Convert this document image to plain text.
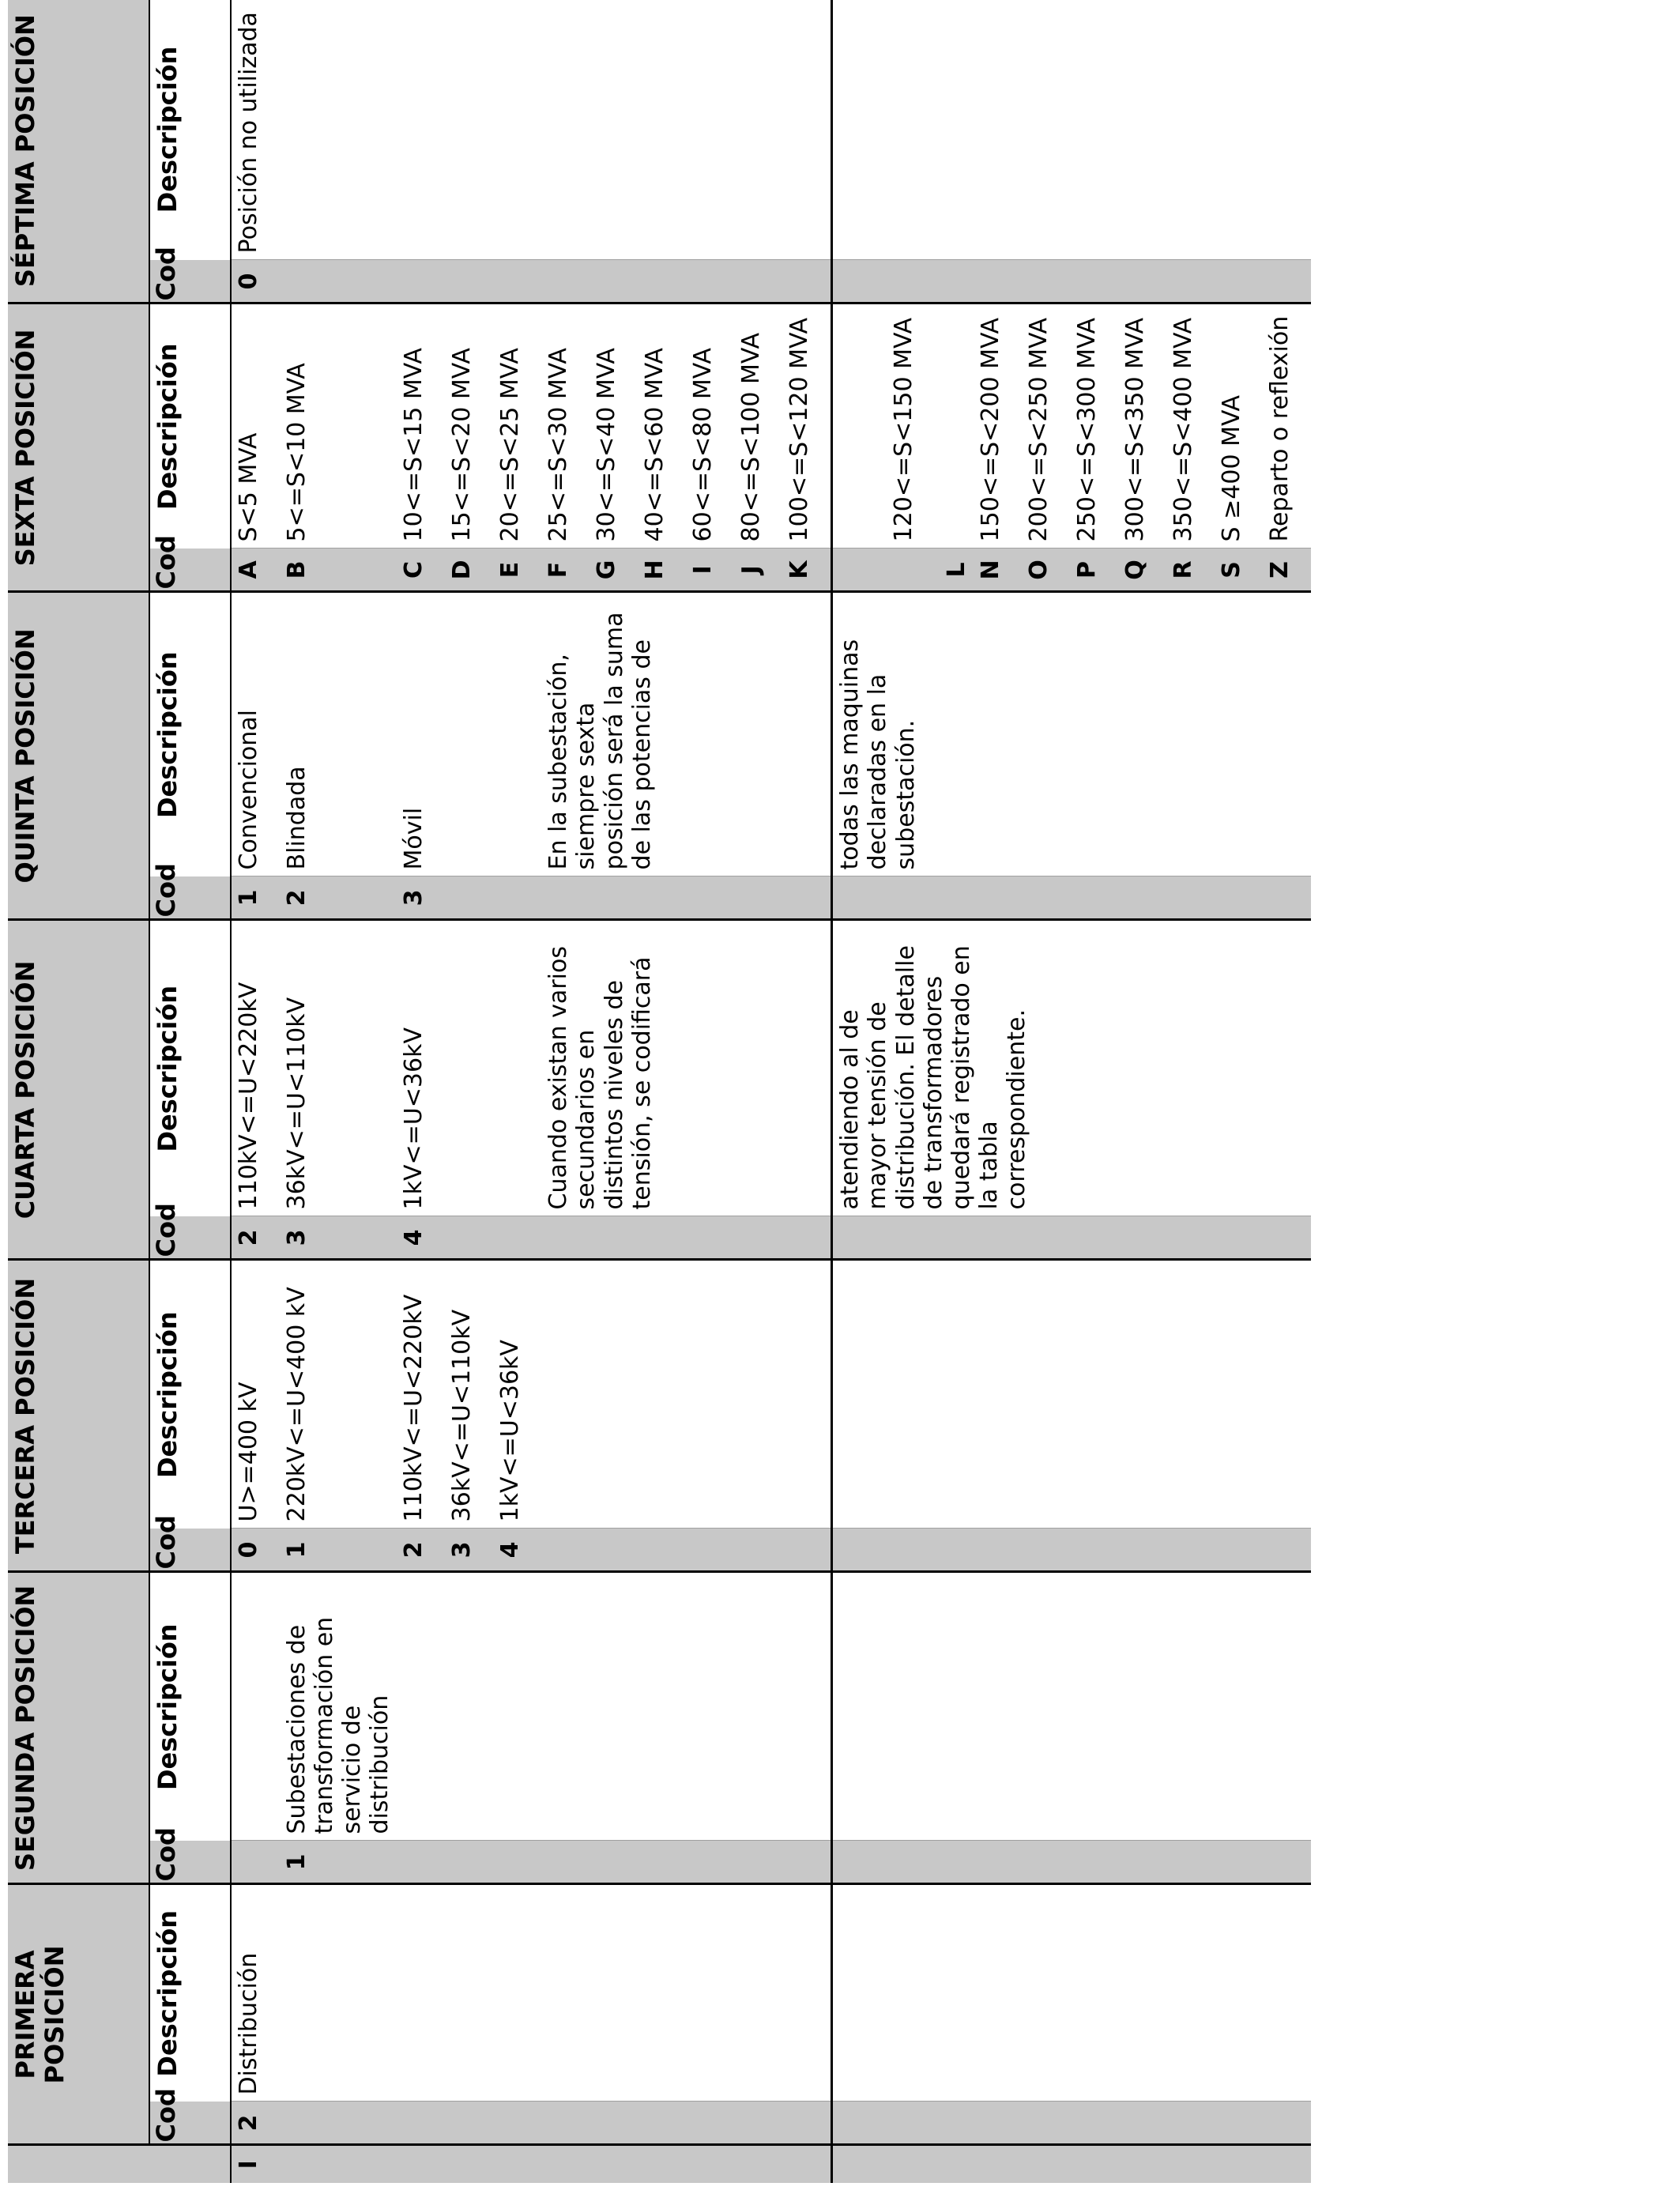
	PRIMERA POSICIÓN		SEGUNDA POSICIÓN		TERCERA POSICIÓN		CUARTA POSICIÓN		QUINTA POSICIÓN		SEXTA POSICIÓN		SÉPTIMA POSICIÓN	
	Cod	Descripción	Cod	Descripción	Cod	Descripción	Cod	Descripción	Cod	Descripción	Cod	Descripción	Cod	Descripción
I	2	Distribución			0	U>=400 kV	2	110kV<=U<220kV	1	Convencional	A	S<5 MVA	0	Posición no utilizada
			1	Subestaciones de transformación en servicio de distribución	1	220kV<=U<400 kV	3	36kV<=U<110kV	2	Blindada	B	5<=S<10 MVA		
					2	110kV<=U<220kV	4	1kV<=U<36kV	3	Móvil	C	10<=S<15 MVA		
					3	36kV<=U<110kV					D	15<=S<20 MVA		
					4	1kV<=U<36kV					E	20<=S<25 MVA		
								Cuando existan varios secundarios en distintos niveles de tensión, se codificará		En la subestación, siempre sexta posición será la suma de las potencias de	F	25<=S<30 MVA		
											G	30<=S<40 MVA		
											H	40<=S<60 MVA		
											I	60<=S<80 MVA		
											J	80<=S<100 MVA		
											K	100<=S<120 MVA		
								atendiendo al de mayor tensión de distribución. El detalle de transformadores quedará registrado en la tabla correspondiente.		todas las maquinas declaradas en la subestación.	L	120<=S<150 MVA		
											N	150<=S<200 MVA		
											O	200<=S<250 MVA		
											P	250<=S<300 MVA		
											Q	300<=S<350 MVA		
											R	350<=S<400 MVA		
											S	S ≥400 MVA		
											Z	Reparto o reflexión		
